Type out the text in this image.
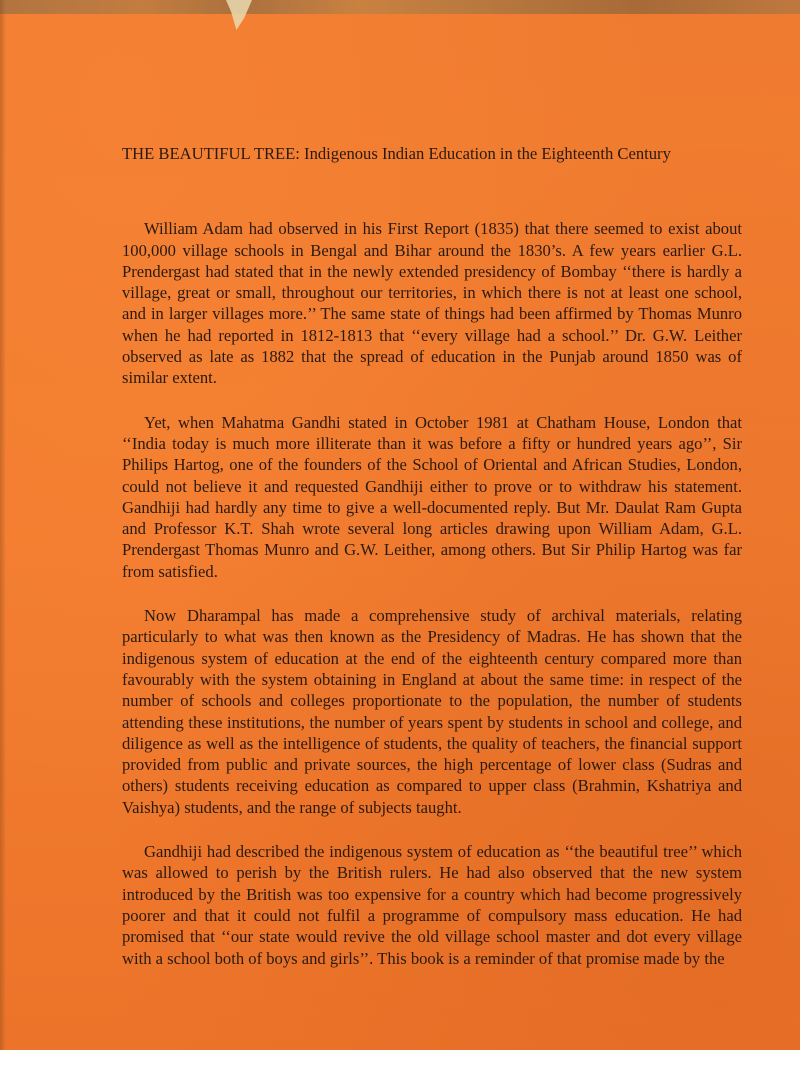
THE BEAUTIFUL TREE: Indigenous Indian Education in the Eighteenth Century

William Adam had observed in his First Report (1835) that there seemed to exist about 100,000 village schools in Bengal and Bihar around the 1830’s. A few years earlier G.L. Prendergast had stated that in the newly extended presidency of Bombay ‘‘there is hardly a village, great or small, throughout our territories, in which there is not at least one school, and in larger villages more.’’ The same state of things had been affirmed by Thomas Munro when he had reported in 1812-1813 that ‘‘every village had a school.’’ Dr. G.W. Leither observed as late as 1882 that the spread of education in the Punjab around 1850 was of similar extent.

Yet, when Mahatma Gandhi stated in October 1981 at Chatham House, London that ‘‘India today is much more illiterate than it was before a fifty or hundred years ago’’, Sir Philips Hartog, one of the founders of the School of Oriental and African Studies, London, could not believe it and requested Gandhiji either to prove or to withdraw his statement. Gandhiji had hardly any time to give a well-documented reply. But Mr. Daulat Ram Gupta and Professor K.T. Shah wrote several long articles drawing upon William Adam, G.L. Prendergast Thomas Munro and G.W. Leither, among others. But Sir Philip Hartog was far from satisfied.

Now Dharampal has made a comprehensive study of archival materials, relating particularly to what was then known as the Presidency of Madras. He has shown that the indigenous system of education at the end of the eighteenth century compared more than favourably with the system obtaining in England at about the same time: in respect of the number of schools and colleges proportionate to the population, the number of students attending these institutions, the number of years spent by students in school and college, and diligence as well as the intelligence of students, the quality of teachers, the financial support provided from public and private sources, the high percentage of lower class (Sudras and others) students receiving education as compared to upper class (Brahmin, Kshatriya and Vaishya) students, and the range of subjects taught.

Gandhiji had described the indigenous system of education as ‘‘the beautiful tree’’ which was allowed to perish by the British rulers. He had also observed that the new system introduced by the British was too expensive for a country which had become progressively poorer and that it could not fulfil a programme of compulsory mass education. He had promised that ‘‘our state would revive the old village school master and dot every village with a school both of boys and girls’’. This book is a reminder of that promise made by the
